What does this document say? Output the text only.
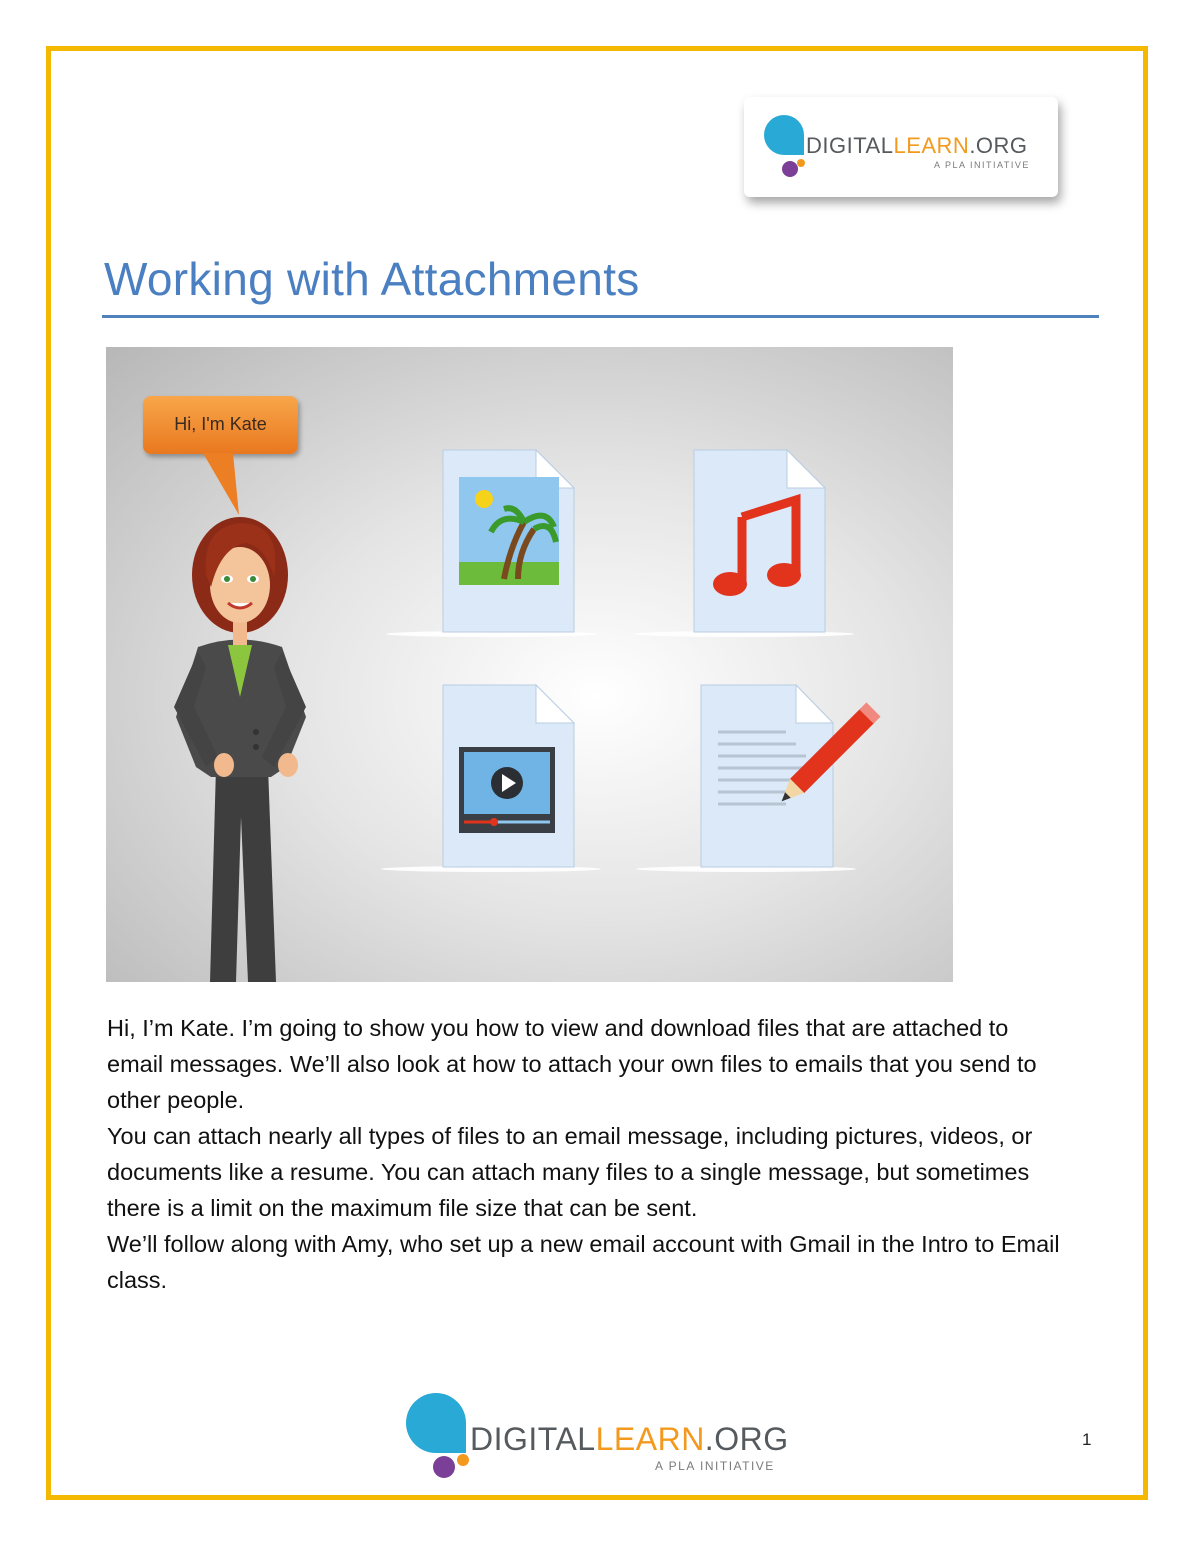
DIGITALLEARN.ORG
A PLA INITIATIVE
Working with Attachments
Hi, I'm Kate

Hi, I’m Kate. I’m going to show you how to view and download files that are attached to email messages. We’ll also look at how to attach your own files to emails that you send to other people.

You can attach nearly all types of files to an email message, including pictures, videos, or documents like a resume. You can attach many files to a single message, but sometimes there is a limit on the maximum file size that can be sent.

We’ll follow along with Amy, who set up a new email account with Gmail in the Intro to Email class.

DIGITALLEARN.ORG
A PLA INITIATIVE
1
